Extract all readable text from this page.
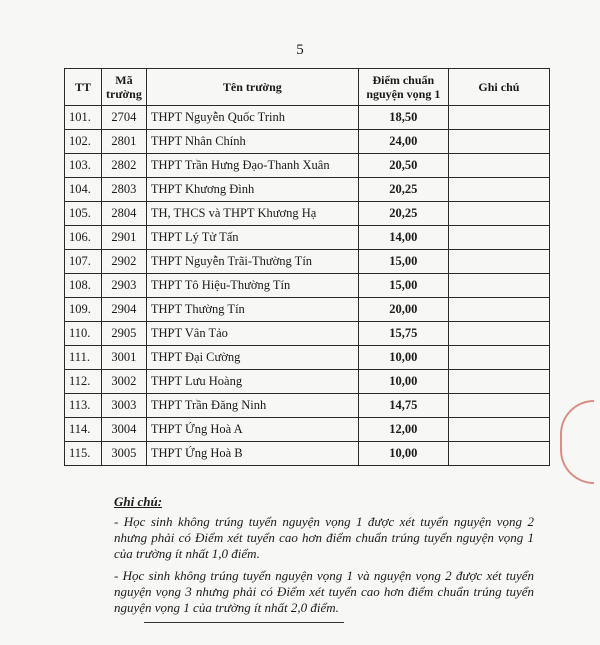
5
TT	Mã trường	Tên trường	Điểm chuẩn nguyện vọng 1	Ghi chú
101.	2704	THPT Nguyễn Quốc Trinh	18,50	
102.	2801	THPT Nhân Chính	24,00	
103.	2802	THPT Trần Hưng Đạo-Thanh Xuân	20,50	
104.	2803	THPT Khương Đình	20,25	
105.	2804	TH, THCS và THPT Khương Hạ	20,25	
106.	2901	THPT Lý Tử Tấn	14,00	
107.	2902	THPT Nguyễn Trãi-Thường Tín	15,00	
108.	2903	THPT Tô Hiệu-Thường Tín	15,00	
109.	2904	THPT Thường Tín	20,00	
110.	2905	THPT Vân Tảo	15,75	
111.	3001	THPT Đại Cường	10,00	
112.	3002	THPT Lưu Hoàng	10,00	
113.	3003	THPT Trần Đăng Ninh	14,75	
114.	3004	THPT Ứng Hoà A	12,00	
115.	3005	THPT Ứng Hoà B	10,00	
Ghi chú:

- Học sinh không trúng tuyển nguyện vọng 1 được xét tuyển nguyện vọng 2 nhưng phải có Điểm xét tuyển cao hơn điểm chuẩn trúng tuyển nguyện vọng 1 của trường ít nhất 1,0 điểm.

- Học sinh không trúng tuyển nguyện vọng 1 và nguyện vọng 2 được xét tuyển nguyện vọng 3 nhưng phải có Điểm xét tuyển cao hơn điểm chuẩn trúng tuyển nguyện vọng 1 của trường ít nhất 2,0 điểm.
